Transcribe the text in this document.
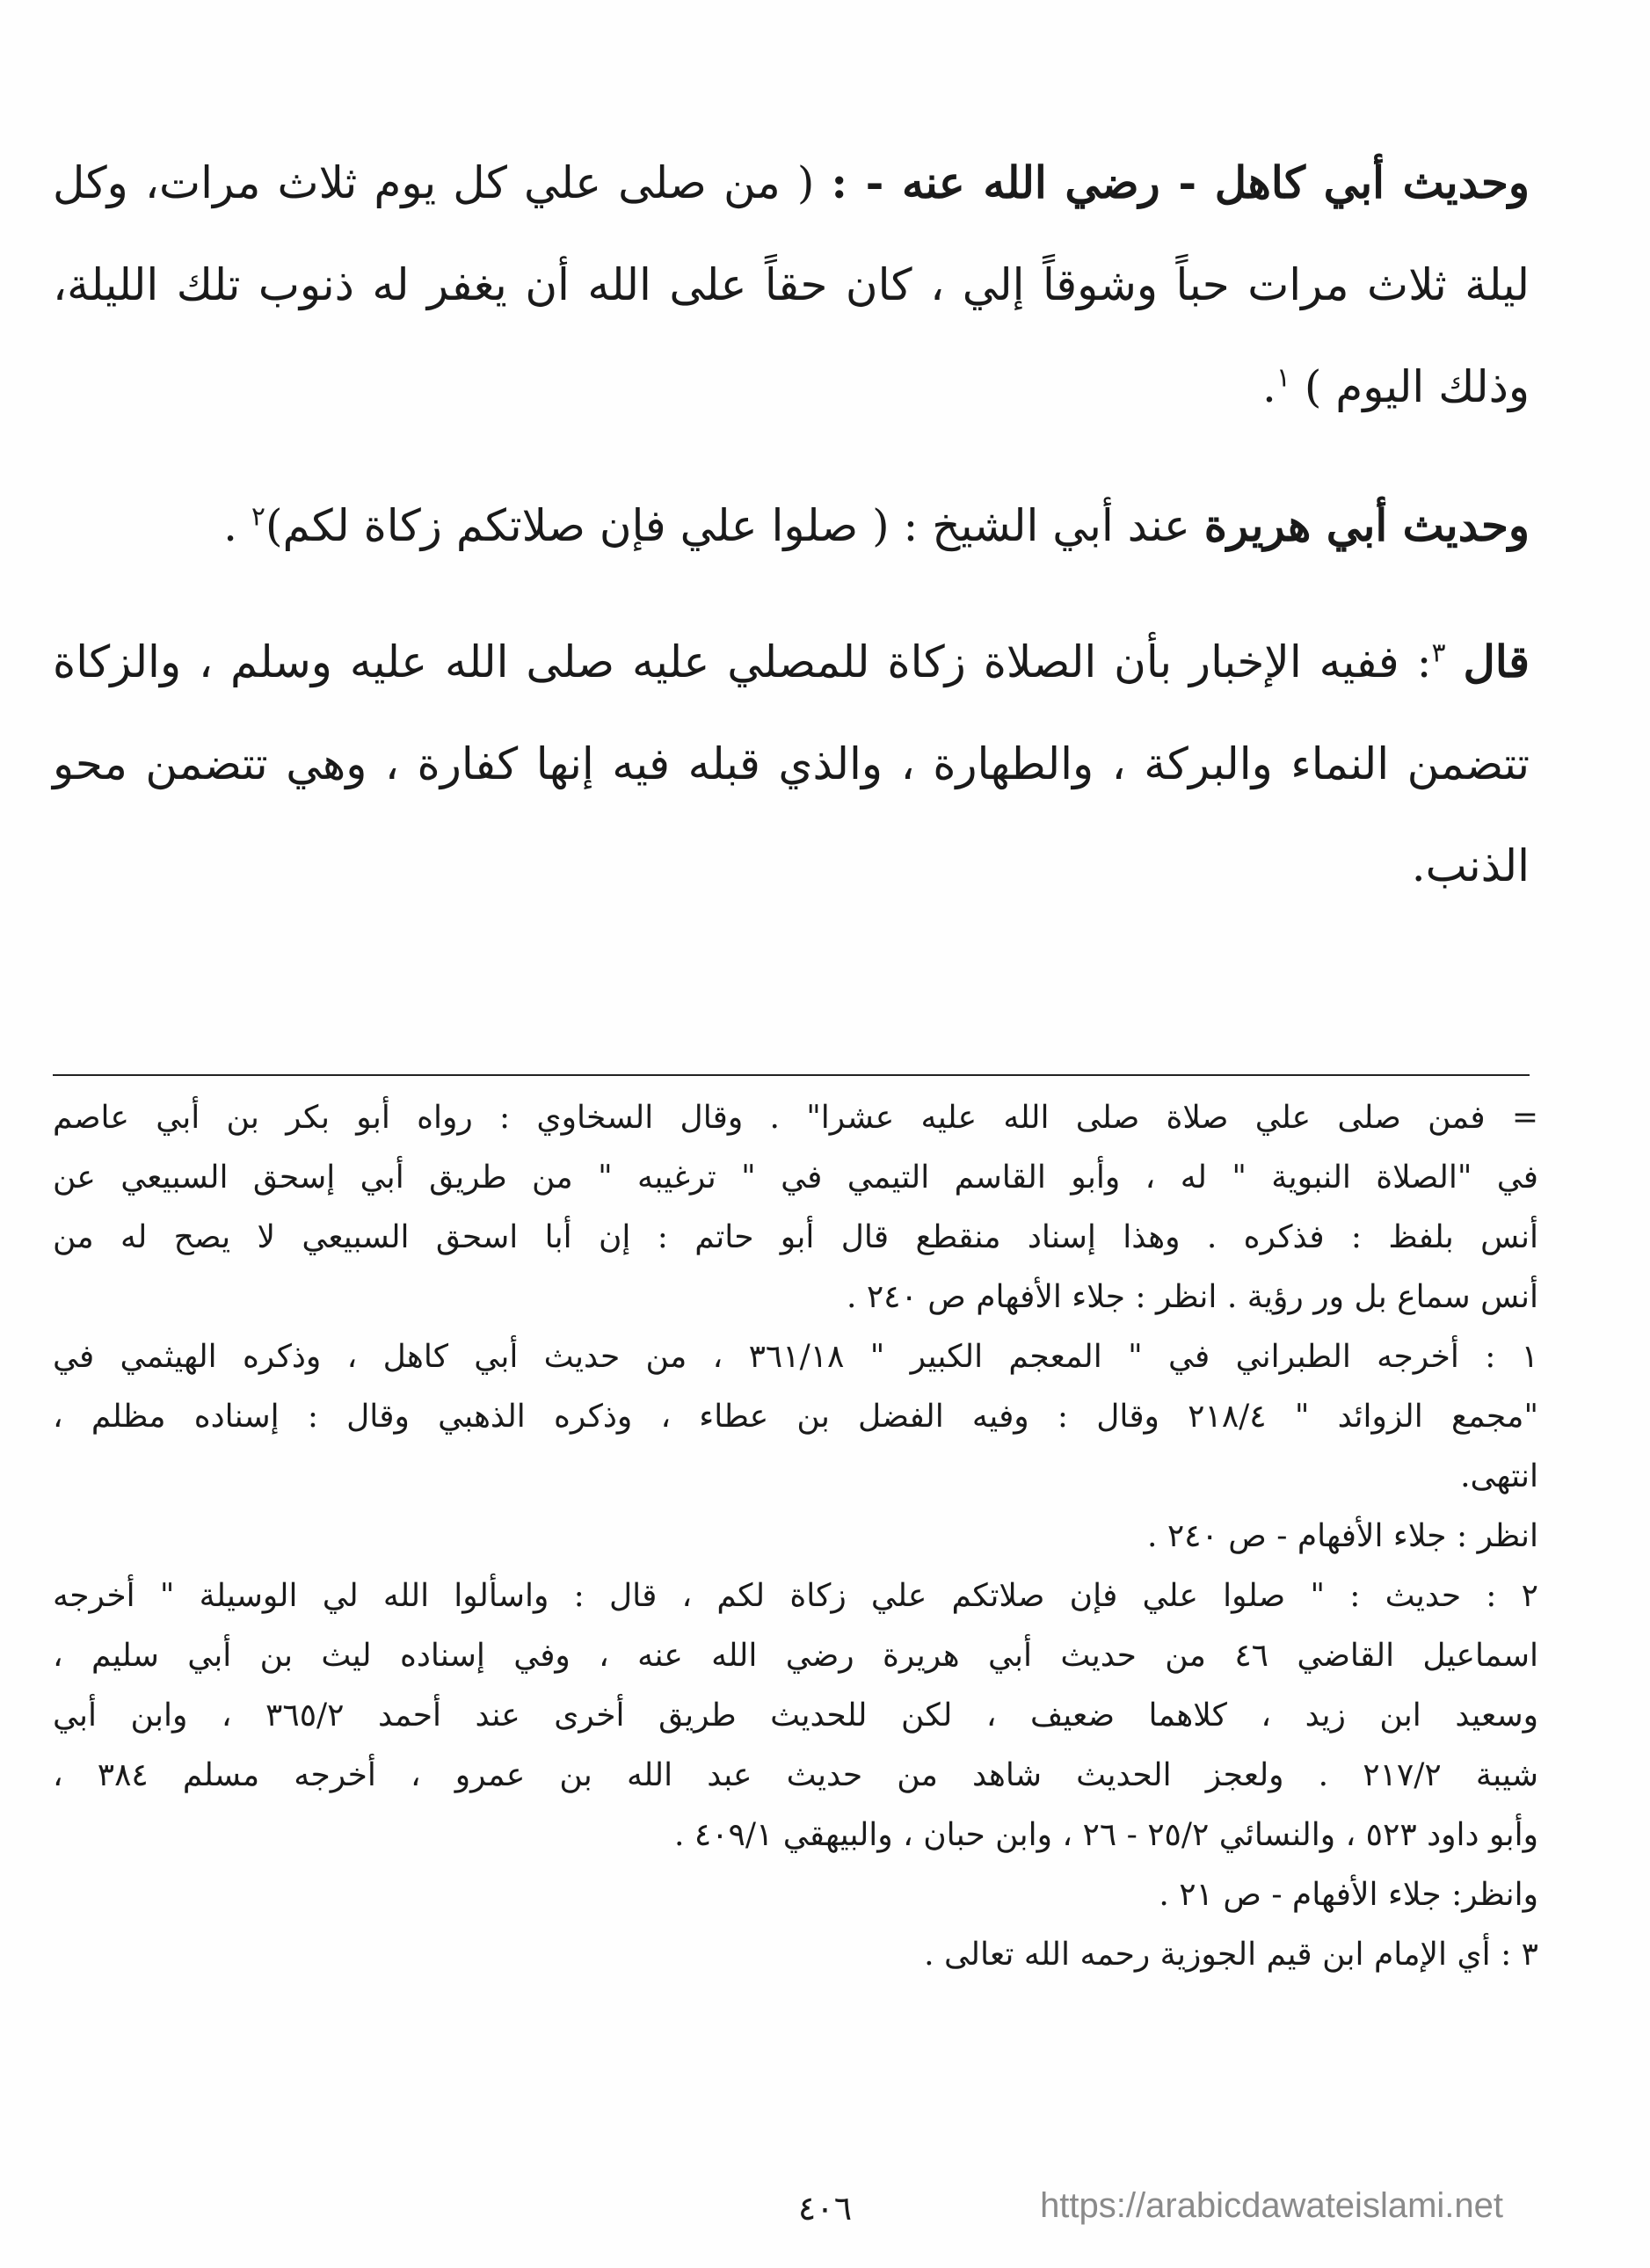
وحديث أبي كاهل - رضي الله عنه - : ( من صلى علي كل يوم ثلاث مرات، وكل ليلة ثلاث مرات حباً وشوقاً إلي ، كان حقاً على الله أن يغفر له ذنوب تلك الليلة، وذلك اليوم ) $^١$.

وحديث أبي هريرة عند أبي الشيخ : ( صلوا علي فإن صلاتكم زكاة لكم)$^٢$ .

قال $^٣$: ففيه الإخبار بأن الصلاة زكاة للمصلي عليه صلى الله عليه وسلم ، والزكاة تتضمن النماء والبركة ، والطهارة ، والذي قبله فيه إنها كفارة ، وهي تتضمن محو الذنب.

= فمن صلى علي صلاة صلى الله عليه عشرا" . وقال السخاوي : رواه أبو بكر بن أبي عاصم
في "الصلاة النبوية " له ، وأبو القاسم التيمي في " ترغيبه " من طريق أبي إسحق السبيعي عن
أنس بلفظ : فذكره . وهذا إسناد منقطع قال أبو حاتم : إن أبا اسحق السبيعي لا يصح له من
أنس سماع بل ور رؤية . انظر : جلاء الأفهام ص ٢٤٠ .
١ : أخرجه الطبراني في " المعجم الكبير " ٣٦١/١٨ ، من حديث أبي كاهل ، وذكره الهيثمي في
"مجمع الزوائد " ٢١٨/٤ وقال : وفيه الفضل بن عطاء ، وذكره الذهبي وقال : إسناده مظلم ،
انتهى.
انظر : جلاء الأفهام - ص ٢٤٠ .
٢ : حديث : " صلوا علي فإن صلاتكم علي زكاة لكم ، قال : واسألوا الله لي الوسيلة " أخرجه
اسماعيل القاضي ٤٦ من حديث أبي هريرة رضي الله عنه ، وفي إسناده ليث بن أبي سليم ،
وسعيد ابن زيد ، كلاهما ضعيف ، لكن للحديث طريق أخرى عند أحمد ٣٦٥/٢ ، وابن أبي
شيبة ٢١٧/٢ . ولعجز الحديث شاهد من حديث عبد الله بن عمرو ، أخرجه مسلم ٣٨٤ ،
وأبو داود ٥٢٣ ، والنسائي ٢٥/٢ - ٢٦ ، وابن حبان ، والبيهقي ٤٠٩/١ .
وانظر: جلاء الأفهام - ص ٢١ .
٣ : أي الإمام ابن قيم الجوزية رحمه الله تعالى .
٤٠٦	https://arabicdawateislami.net
